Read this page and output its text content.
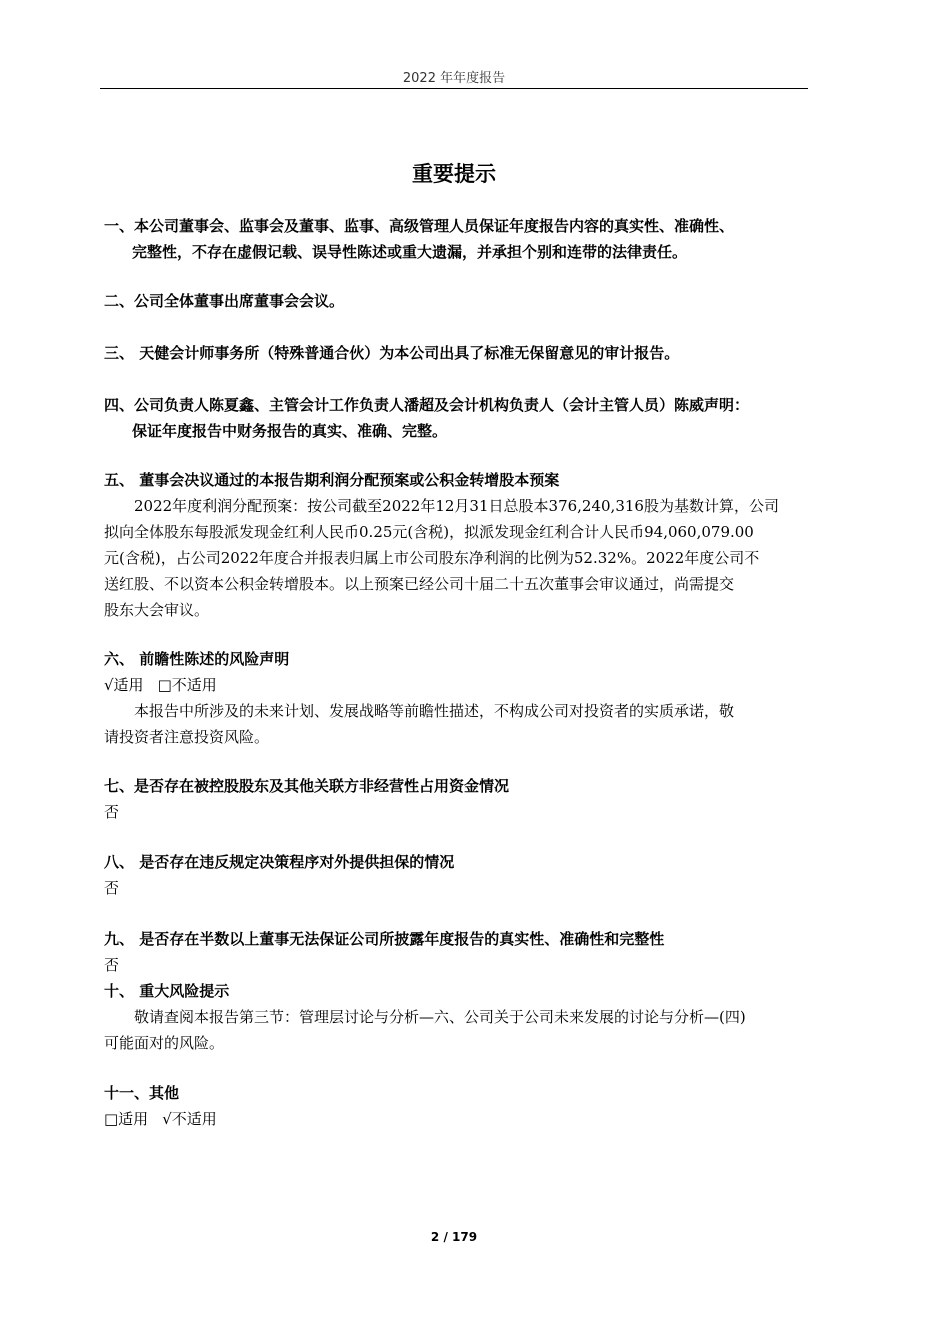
2022 年年度报告
重要提示
一、本公司董事会、监事会及董事、监事、高级管理人员保证年度报告内容的真实性、准确性、
完整性，不存在虚假记载、误导性陈述或重大遗漏，并承担个别和连带的法律责任。
二、公司全体董事出席董事会会议。
三、 天健会计师事务所（特殊普通合伙）为本公司出具了标准无保留意见的审计报告。
四、公司负责人陈夏鑫、主管会计工作负责人潘超及会计机构负责人（会计主管人员）陈威声明：
保证年度报告中财务报告的真实、准确、完整。
五、 董事会决议通过的本报告期利润分配预案或公积金转增股本预案
2022年度利润分配预案：按公司截至2022年12月31日总股本376,240,316股为基数计算，公司
拟向全体股东每股派发现金红利人民币0.25元(含税)，拟派发现金红利合计人民币94,060,079.00
元(含税)，占公司2022年度合并报表归属上市公司股东净利润的比例为52.32%。2022年度公司不
送红股、不以资本公积金转增股本。以上预案已经公司十届二十五次董事会审议通过，尚需提交
股东大会审议。
六、 前瞻性陈述的风险声明
√适用 □不适用
本报告中所涉及的未来计划、发展战略等前瞻性描述，不构成公司对投资者的实质承诺，敬
请投资者注意投资风险。
七、是否存在被控股股东及其他关联方非经营性占用资金情况
否
八、 是否存在违反规定决策程序对外提供担保的情况
否
九、 是否存在半数以上董事无法保证公司所披露年度报告的真实性、准确性和完整性
否
十、 重大风险提示
敬请查阅本报告第三节：管理层讨论与分析—六、公司关于公司未来发展的讨论与分析—(四)
可能面对的风险。
十一、其他
□适用 √不适用
2 / 179
